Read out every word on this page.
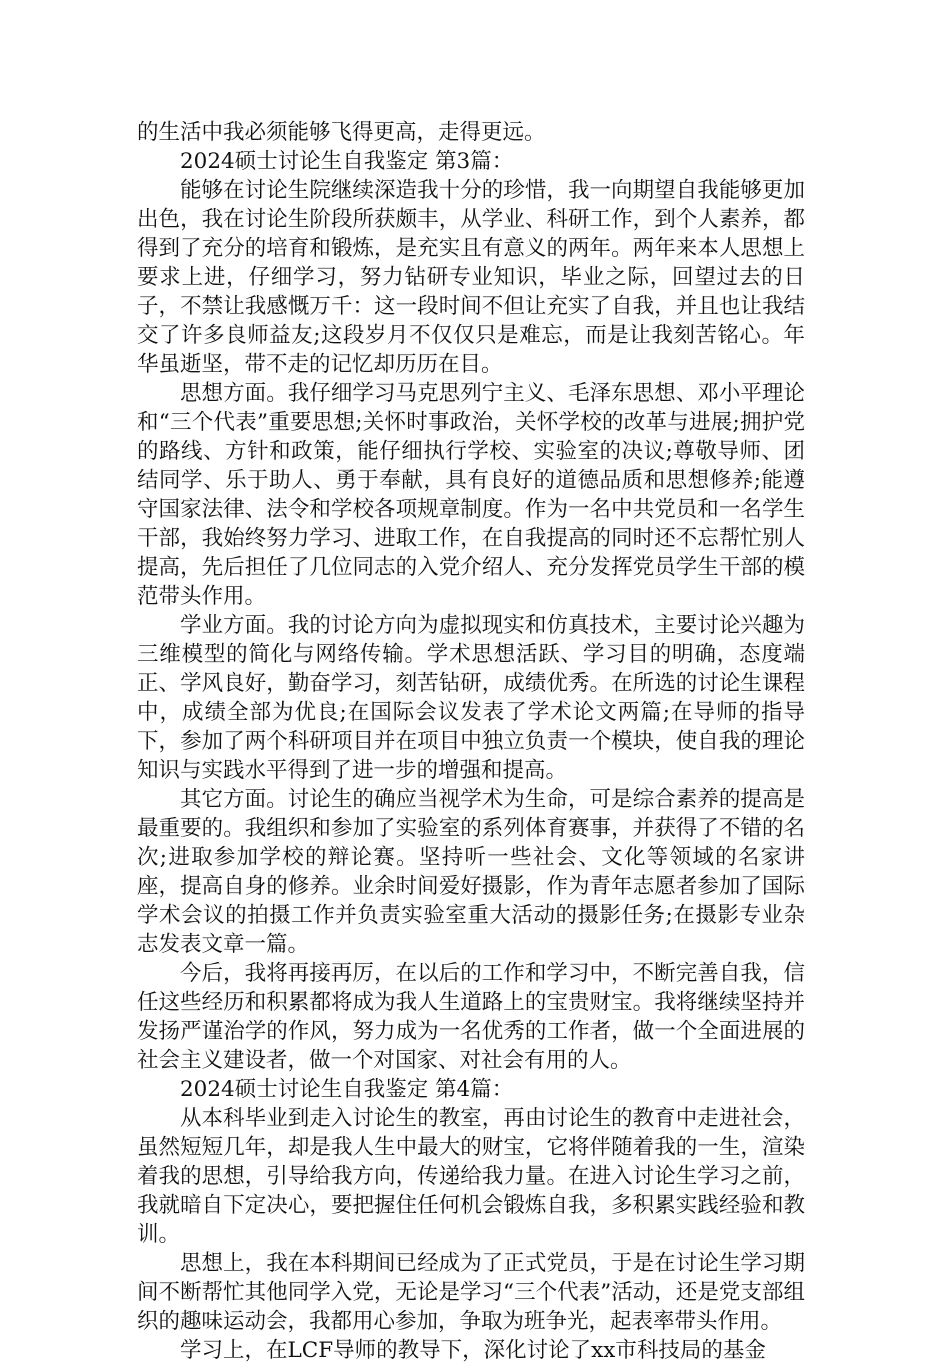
的生活中我必须能够飞得更高，走得更远。

2024硕士讨论生自我鉴定 第3篇：

能够在讨论生院继续深造我十分的珍惜，我一向期望自我能够更加出色，我在讨论生阶段所获颇丰，从学业、科研工作，到个人素养，都得到了充分的培育和锻炼，是充实且有意义的两年。两年来本人思想上要求上进，仔细学习，努力钻研专业知识，毕业之际，回望过去的日子，不禁让我感慨万千：这一段时间不但让充实了自我，并且也让我结交了许多良师益友;这段岁月不仅仅只是难忘，而是让我刻苦铭心。年华虽逝坚，带不走的记忆却历历在目。

思想方面。我仔细学习马克思列宁主义、毛泽东思想、邓小平理论和“三个代表”重要思想;关怀时事政治，关怀学校的改革与进展;拥护党的路线、方针和政策，能仔细执行学校、实验室的决议;尊敬导师、团结同学、乐于助人、勇于奉献，具有良好的道德品质和思想修养;能遵守国家法律、法令和学校各项规章制度。作为一名中共党员和一名学生干部，我始终努力学习、进取工作，在自我提高的同时还不忘帮忙别人提高，先后担任了几位同志的入党介绍人、充分发挥党员学生干部的模范带头作用。

学业方面。我的讨论方向为虚拟现实和仿真技术，主要讨论兴趣为三维模型的简化与网络传输。学术思想活跃、学习目的明确，态度端正、学风良好，勤奋学习，刻苦钻研，成绩优秀。在所选的讨论生课程中，成绩全部为优良;在国际会议发表了学术论文两篇;在导师的指导下，参加了两个科研项目并在项目中独立负责一个模块，使自我的理论知识与实践水平得到了进一步的增强和提高。

其它方面。讨论生的确应当视学术为生命，可是综合素养的提高是最重要的。我组织和参加了实验室的系列体育赛事，并获得了不错的名次;进取参加学校的辩论赛。坚持听一些社会、文化等领域的名家讲座，提高自身的修养。业余时间爱好摄影，作为青年志愿者参加了国际学术会议的拍摄工作并负责实验室重大活动的摄影任务;在摄影专业杂志发表文章一篇。

今后，我将再接再厉，在以后的工作和学习中，不断完善自我，信任这些经历和积累都将成为我人生道路上的宝贵财宝。我将继续坚持并发扬严谨治学的作风，努力成为一名优秀的工作者，做一个全面进展的社会主义建设者，做一个对国家、对社会有用的人。

2024硕士讨论生自我鉴定 第4篇：

从本科毕业到走入讨论生的教室，再由讨论生的教育中走进社会，虽然短短几年，却是我人生中最大的财宝，它将伴随着我的一生，渲染着我的思想，引导给我方向，传递给我力量。在进入讨论生学习之前，我就暗自下定决心，要把握住任何机会锻炼自我，多积累实践经验和教训。

思想上，我在本科期间已经成为了正式党员，于是在讨论生学习期间不断帮忙其他同学入党，无论是学习“三个代表”活动，还是党支部组织的趣味运动会，我都用心参加，争取为班争光，起表率带头作用。

学习上，在LCF导师的教导下，深化讨论了xx市科技局的基金
